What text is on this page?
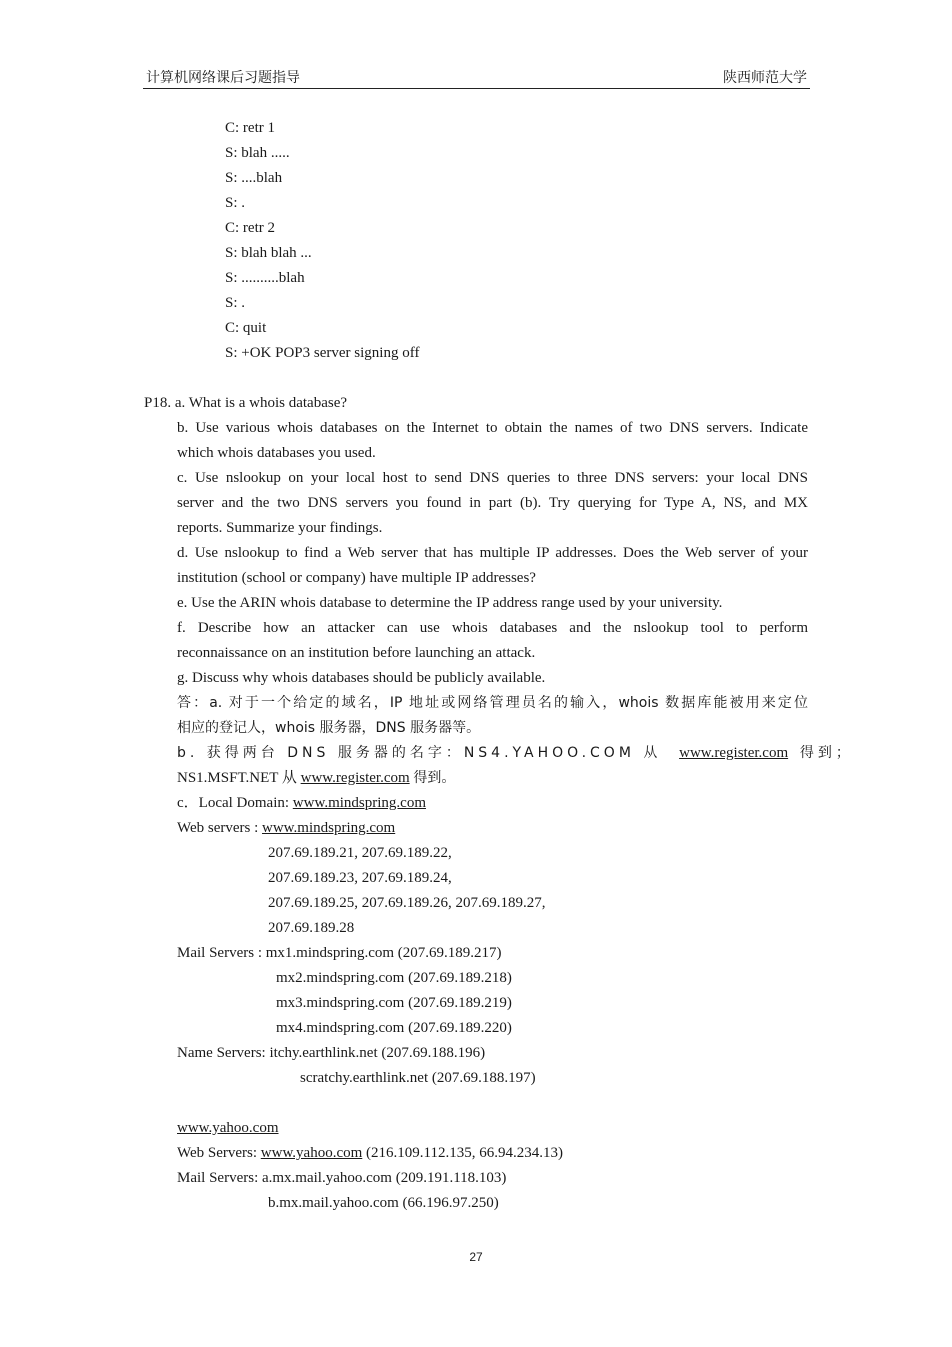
计算机网络课后习题指导	陕西师范大学
C: retr 1
S: blah .....
S: ....blah
S: .
C: retr 2
S: blah blah ...
S: ..........blah
S: .
C: quit
S: +OK POP3 server signing off
P18. a. What is a whois database?
b. Use various whois databases on the Internet to obtain the names of two DNS servers. Indicate
which whois databases you used.
c. Use nslookup on your local host to send DNS queries to three DNS servers: your local DNS
server and the two DNS servers you found in part (b). Try querying for Type A, NS, and MX
reports. Summarize your findings.
d. Use nslookup to find a Web server that has multiple IP addresses. Does the Web server of your
institution (school or company) have multiple IP addresses?
e. Use the ARIN whois database to determine the IP address range used by your university.
f. Describe how an attacker can use whois databases and the nslookup tool to perform
reconnaissance on an institution before launching an attack.
g. Discuss why whois databases should be publicly available.
答：a. 对于一个给定的域名，IP 地址或网络管理员名的输入，whois 数据库能被用来定位
相应的登记人，whois 服务器，DNS 服务器等。
b. 获得两台 DNS 服务器的名字：NS4.YAHOO.COM 从 www.register.com 得到；
NS1.MSFT.NET 从 www.register.com 得到。
c．Local Domain: www.mindspring.com
Web servers : www.mindspring.com
207.69.189.21, 207.69.189.22,
207.69.189.23, 207.69.189.24,
207.69.189.25, 207.69.189.26, 207.69.189.27,
207.69.189.28
Mail Servers : mx1.mindspring.com (207.69.189.217)
mx2.mindspring.com (207.69.189.218)
mx3.mindspring.com (207.69.189.219)
mx4.mindspring.com (207.69.189.220)
Name Servers: itchy.earthlink.net (207.69.188.196)
scratchy.earthlink.net (207.69.188.197)
www.yahoo.com
Web Servers: www.yahoo.com (216.109.112.135, 66.94.234.13)
Mail Servers: a.mx.mail.yahoo.com (209.191.118.103)
b.mx.mail.yahoo.com (66.196.97.250)
27
